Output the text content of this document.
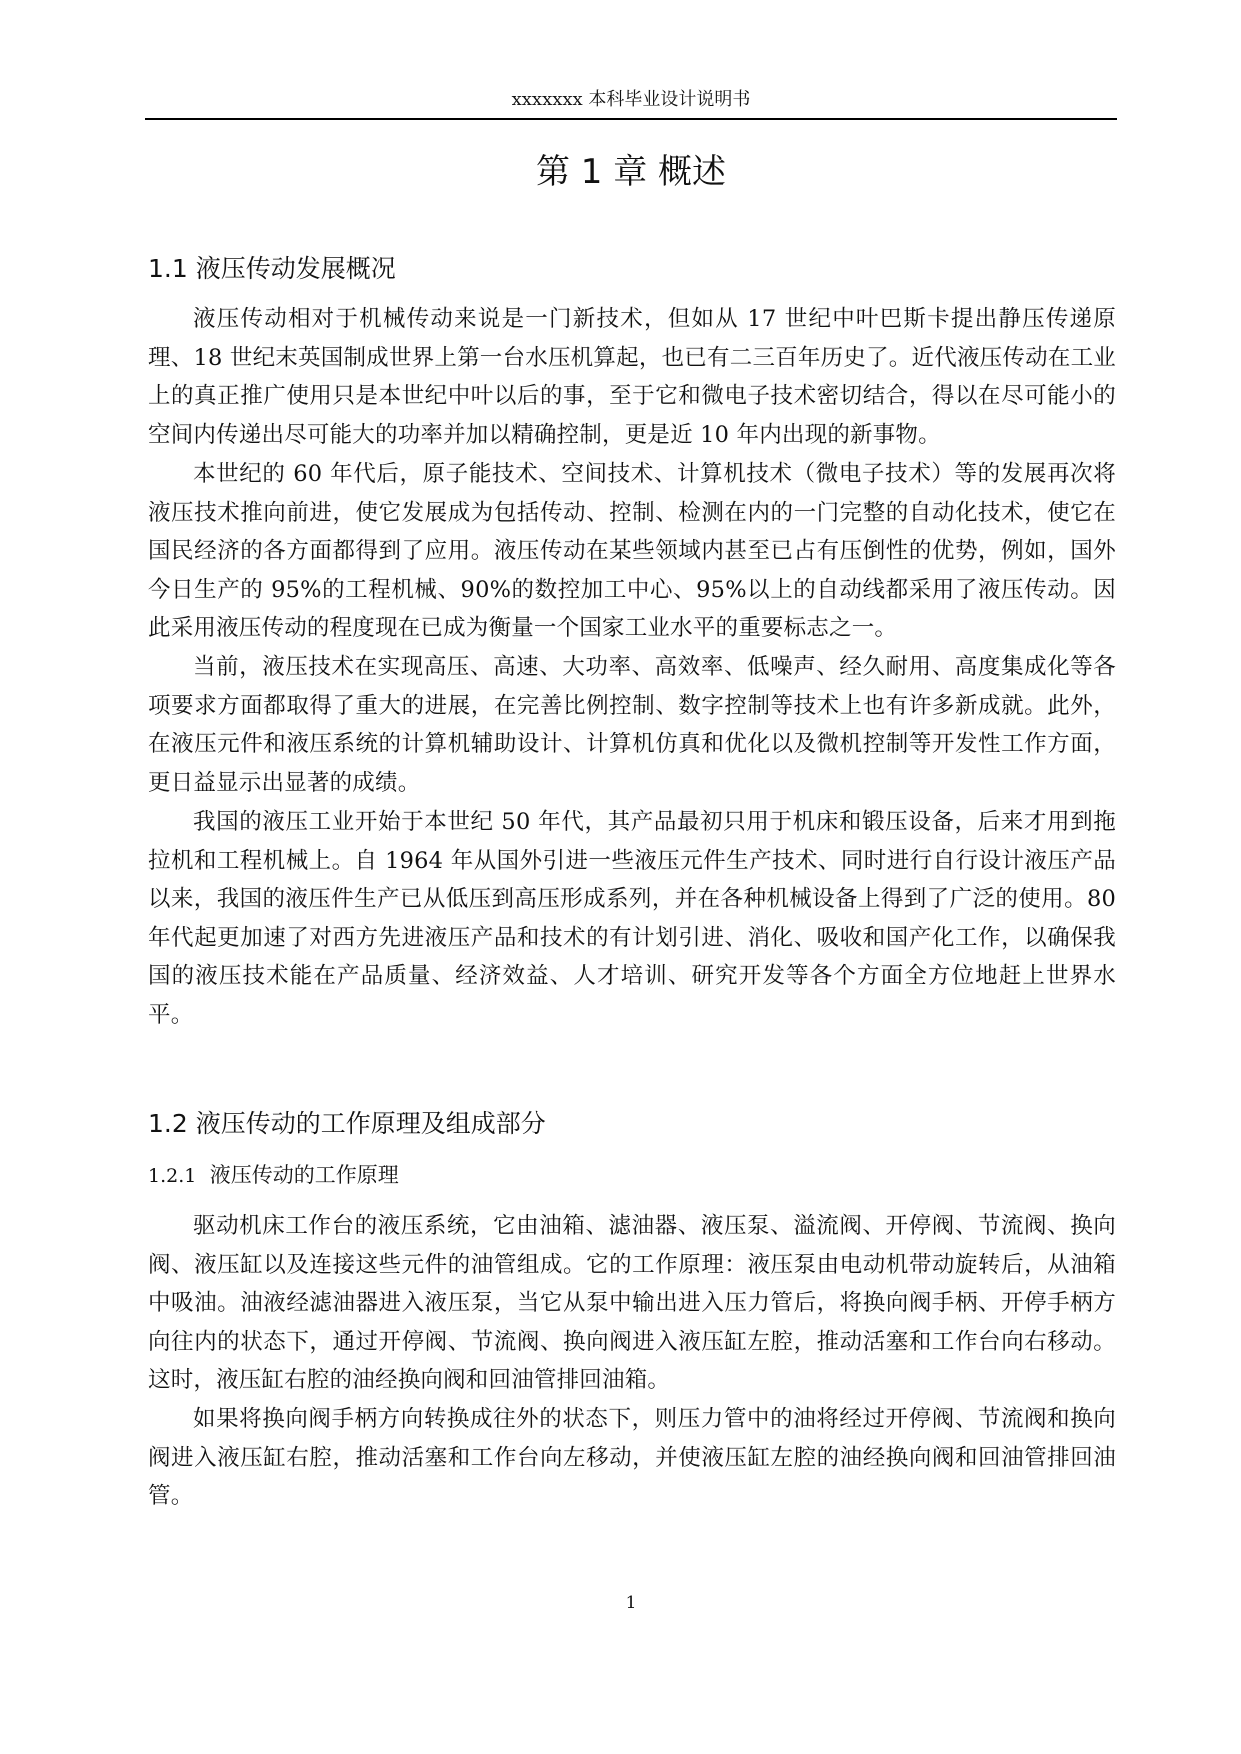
xxxxxxx 本科毕业设计说明书
第 1 章 概述
1.1 液压传动发展概况

液压传动相对于机械传动来说是一门新技术，但如从 17 世纪中叶巴斯卡提出静压传递原理、18 世纪末英国制成世界上第一台水压机算起，也已有二三百年历史了。近代液压传动在工业上的真正推广使用只是本世纪中叶以后的事，至于它和微电子技术密切结合，得以在尽可能小的空间内传递出尽可能大的功率并加以精确控制，更是近 10 年内出现的新事物。

本世纪的 60 年代后，原子能技术、空间技术、计算机技术（微电子技术）等的发展再次将液压技术推向前进，使它发展成为包括传动、控制、检测在内的一门完整的自动化技术，使它在国民经济的各方面都得到了应用。液压传动在某些领域内甚至已占有压倒性的优势，例如，国外今日生产的 95%的工程机械、90%的数控加工中心、95%以上的自动线都采用了液压传动。因此采用液压传动的程度现在已成为衡量一个国家工业水平的重要标志之一。

当前，液压技术在实现高压、高速、大功率、高效率、低噪声、经久耐用、高度集成化等各项要求方面都取得了重大的进展，在完善比例控制、数字控制等技术上也有许多新成就。此外，在液压元件和液压系统的计算机辅助设计、计算机仿真和优化以及微机控制等开发性工作方面，更日益显示出显著的成绩。

我国的液压工业开始于本世纪 50 年代，其产品最初只用于机床和锻压设备，后来才用到拖拉机和工程机械上。自 1964 年从国外引进一些液压元件生产技术、同时进行自行设计液压产品以来，我国的液压件生产已从低压到高压形成系列，并在各种机械设备上得到了广泛的使用。80 年代起更加速了对西方先进液压产品和技术的有计划引进、消化、吸收和国产化工作，以确保我国的液压技术能在产品质量、经济效益、人才培训、研究开发等各个方面全方位地赶上世界水平。

1.2 液压传动的工作原理及组成部分
1.2.1 液压传动的工作原理

驱动机床工作台的液压系统，它由油箱、滤油器、液压泵、溢流阀、开停阀、节流阀、换向阀、液压缸以及连接这些元件的油管组成。它的工作原理：液压泵由电动机带动旋转后，从油箱中吸油。油液经滤油器进入液压泵，当它从泵中输出进入压力管后，将换向阀手柄、开停手柄方向往内的状态下，通过开停阀、节流阀、换向阀进入液压缸左腔，推动活塞和工作台向右移动。这时，液压缸右腔的油经换向阀和回油管排回油箱。

如果将换向阀手柄方向转换成往外的状态下，则压力管中的油将经过开停阀、节流阀和换向阀进入液压缸右腔，推动活塞和工作台向左移动，并使液压缸左腔的油经换向阀和回油管排回油管。

1
